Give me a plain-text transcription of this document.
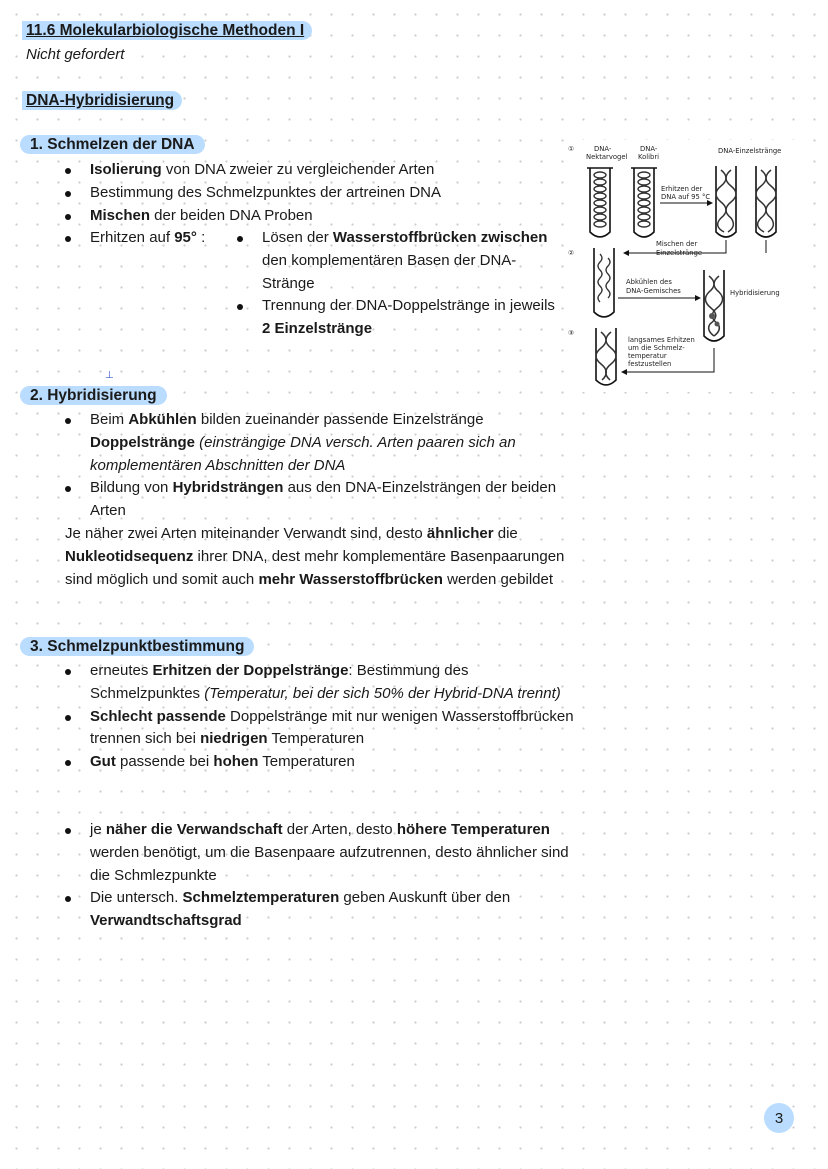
11.6 Molekularbiologische Methoden I
Nicht gefordert
DNA-Hybridisierung
1. Schmelzen der DNA
Isolierung von DNA zweier zu vergleichender Arten
Bestimmung des Schmelzpunktes der artreinen DNA
Mischen der beiden DNA Proben
Erhitzen auf 95° :	Lösen der Wasserstoffbrücken zwischen den komplementären Basen der DNA-Stränge
Trennung der DNA-Doppelstränge in jeweils 2 Einzelstränge
⊥
①	DNA-
Nektarvogel
DNA-
Kolibri
DNA-Einzelstränge
Erhitzen der
DNA auf 95 °C
Mischen der
Einzelstränge
②
Abkühlen des
DNA-Gemisches	Hybridisierung
③
langsames Erhitzen
um die Schmelz-
temperatur
festzustellen
2. Hybridisierung
Beim Abkühlen bilden zueinander passende Einzelstränge Doppelstränge (einsträngige DNA versch. Arten paaren sich an komplementären Abschnitten der DNA
Bildung von Hybridsträngen aus den DNA-Einzelsträngen der beiden Arten
Je näher zwei Arten miteinander Verwandt sind, desto ähnlicher die Nukleotidsequenz ihrer DNA, dest mehr komplementäre Basenpaarungen sind möglich und somit auch mehr Wasserstoffbrücken werden gebildet
3. Schmelzpunktbestimmung
erneutes Erhitzen der Doppelstränge: Bestimmung des Schmelzpunktes (Temperatur, bei der sich 50% der Hybrid-DNA trennt)
Schlecht passende Doppelstränge mit nur wenigen Wasserstoffbrücken trennen sich bei niedrigen Temperaturen
Gut passende bei hohen Temperaturen
je näher die Verwandschaft der Arten, desto höhere Temperaturen werden benötigt, um die Basenpaare aufzutrennen, desto ähnlicher sind die Schmlezpunkte
Die untersch. Schmelztemperaturen geben Auskunft über den Verwandtschaftsgrad
3
